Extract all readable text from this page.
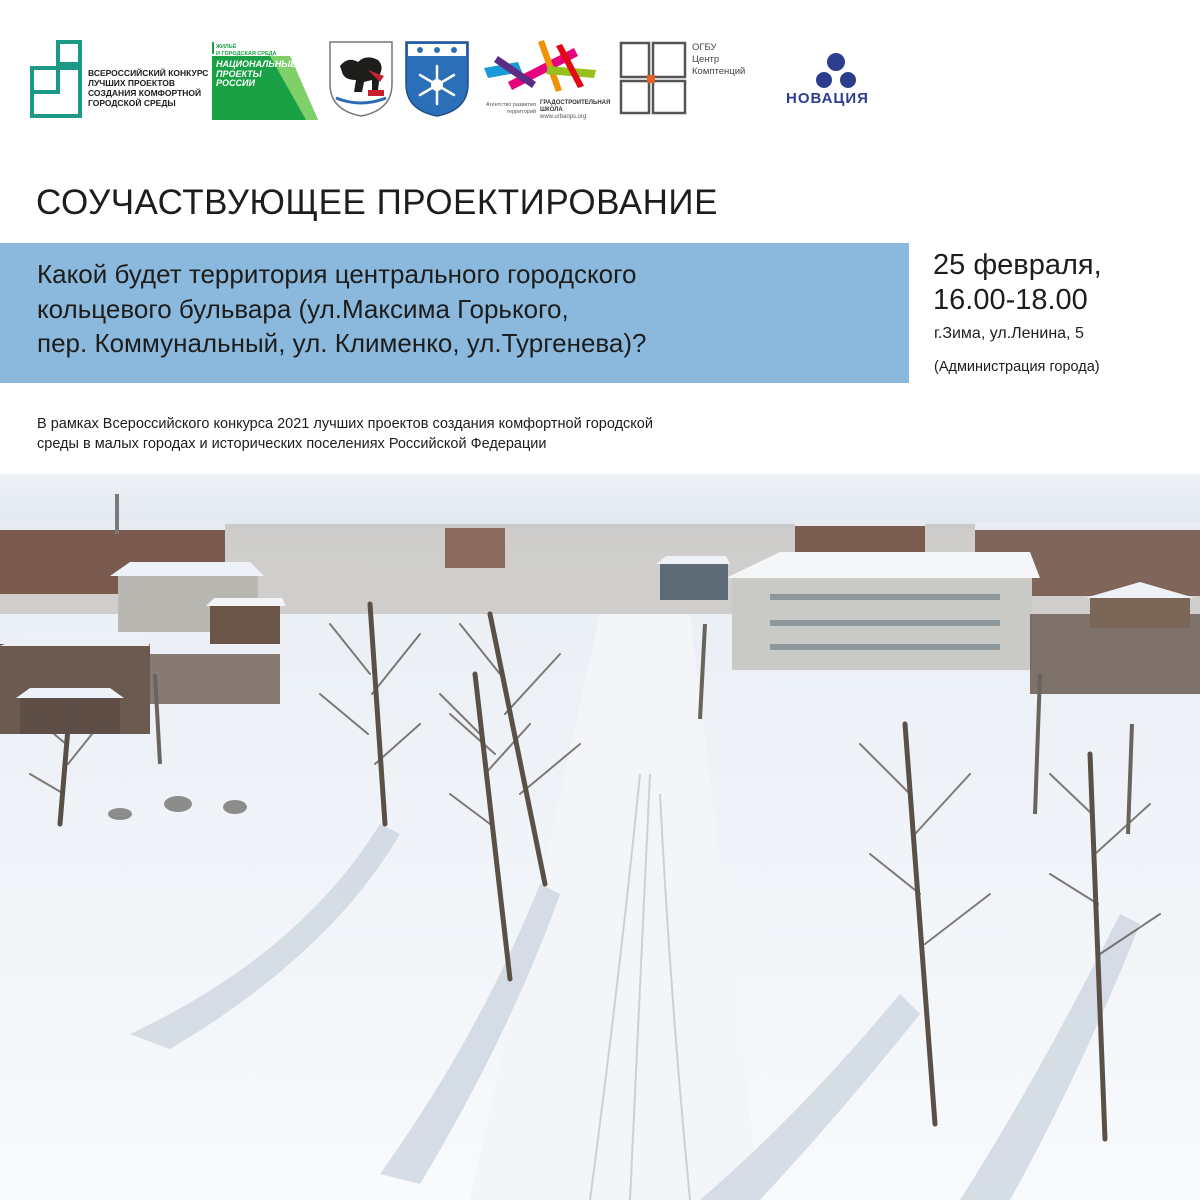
ВСЕРОССИЙСКИЙ КОНКУРС
ЛУЧШИХ ПРОЕКТОВ
СОЗДАНИЯ КОМФОРТНОЙ
ГОРОДСКОЙ СРЕДЫ
ЖИЛЬЁ
И ГОРОДСКАЯ СРЕДА
НАЦИОНАЛЬНЫЕ
ПРОЕКТЫ
РОССИИ
Агентство развития территорий
ГРАДОСТРОИТЕЛЬНАЯ ШКОЛА
www.urbanps.org
ОГБУ
Центр
Комптенций
НОВАЦИЯ
СОУЧАСТВУЮЩЕЕ ПРОЕКТИРОВАНИЕ
Какой будет территория центрального городского
кольцевого бульвара (ул.Максима Горького,
пер. Коммунальный, ул. Клименко, ул.Тургенева)?
25 февраля,
16.00-18.00
г.Зима, ул.Ленина, 5
(Администрация города)
В рамках Всероссийского конкурса 2021 лучших проектов создания комфортной городской
среды в малых городах и исторических поселениях Российской Федерации
